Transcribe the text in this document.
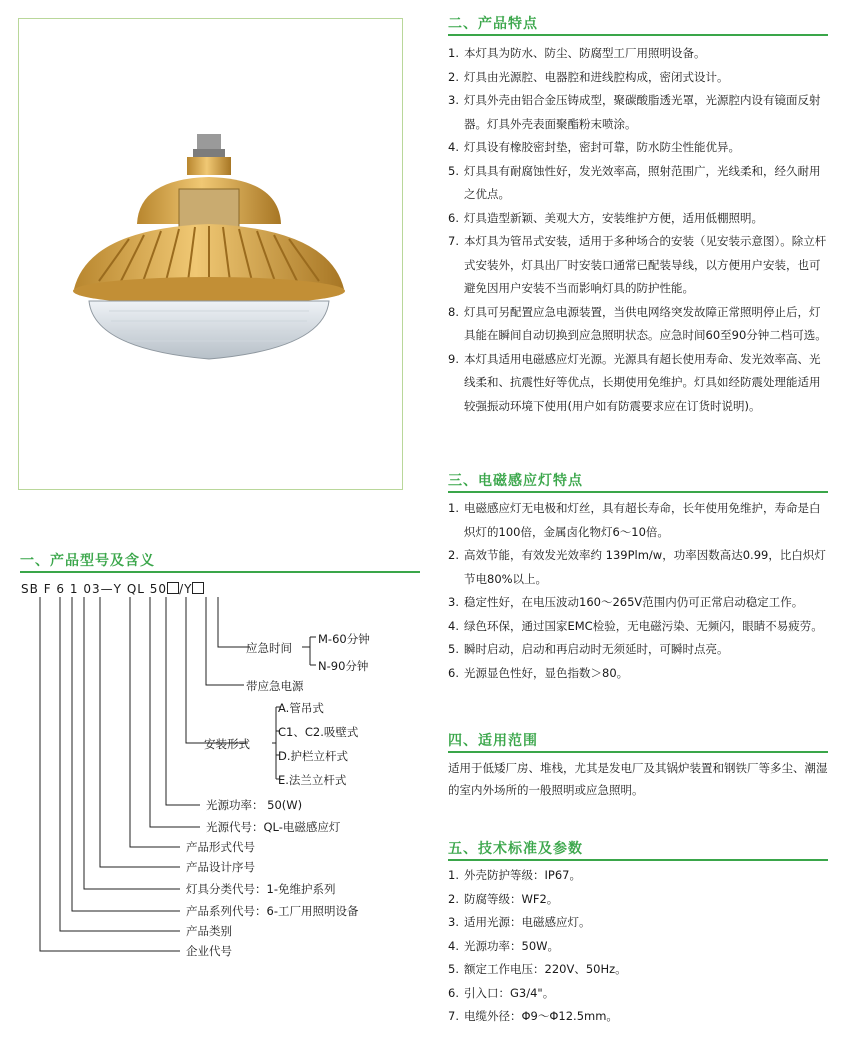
一、产品型号及含义
SB F 6 1 03—Y QL 50 /Y
应急时间
M-60分钟
N-90分钟
带应急电源
安装形式
A.管吊式
C1、C2.吸壁式
D.护栏立杆式
E.法兰立杆式
光源功率： 50(W)
光源代号：QL-电磁感应灯
产品形式代号
产品设计序号
灯具分类代号：1-免维护系列
产品系列代号：6-工厂用照明设备
产品类别
企业代号
二、产品特点
1. 本灯具为防水、防尘、防腐型工厂用照明设备。
2. 灯具由光源腔、电器腔和进线腔构成，密闭式设计。
3. 灯具外壳由铝合金压铸成型，聚碳酸脂透光罩，光源腔内设有镜面反射器。灯具外壳表面聚酯粉末喷涂。
4. 灯具设有橡胶密封垫，密封可靠，防水防尘性能优异。
5. 灯具具有耐腐蚀性好，发光效率高，照射范围广，光线柔和，经久耐用之优点。
6. 灯具造型新颖、美观大方，安装维护方便，适用低棚照明。
7. 本灯具为管吊式安装，适用于多种场合的安装（见安装示意图）。除立杆式安装外，灯具出厂时安装口通常已配装导线，以方便用户安装，也可避免因用户安装不当而影响灯具的防护性能。
8. 灯具可另配置应急电源装置，当供电网络突发故障正常照明停止后，灯具能在瞬间自动切换到应急照明状态。应急时间60至90分钟二档可选。
9. 本灯具适用电磁感应灯光源。光源具有超长使用寿命、发光效率高、光线柔和、抗震性好等优点，长期使用免维护。灯具如经防震处理能适用较强振动环境下使用(用户如有防震要求应在订货时说明)。
三、电磁感应灯特点
1. 电磁感应灯无电极和灯丝，具有超长寿命，长年使用免维护，寿命是白炽灯的100倍，金属卤化物灯6～10倍。
2. 高效节能，有效发光效率约 139Plm/w，功率因数高达0.99，比白炽灯节电80%以上。
3. 稳定性好，在电压波动160～265V范围内仍可正常启动稳定工作。
4. 绿色环保，通过国家EMC检验，无电磁污染、无频闪，眼睛不易疲劳。
5. 瞬时启动，启动和再启动时无须延时，可瞬时点亮。
6. 光源显色性好，显色指数＞80。
四、适用范围
适用于低矮厂房、堆栈，尤其是发电厂及其锅炉装置和钢铁厂等多尘、潮湿的室内外场所的一般照明或应急照明。
五、技术标准及参数
1. 外壳防护等级：IP67。
2. 防腐等级：WF2。
3. 适用光源：电磁感应灯。
4. 光源功率：50W。
5. 额定工作电压：220V、50Hz。
6. 引入口：G3/4"。
7. 电缆外径：Φ9～Φ12.5mm。
